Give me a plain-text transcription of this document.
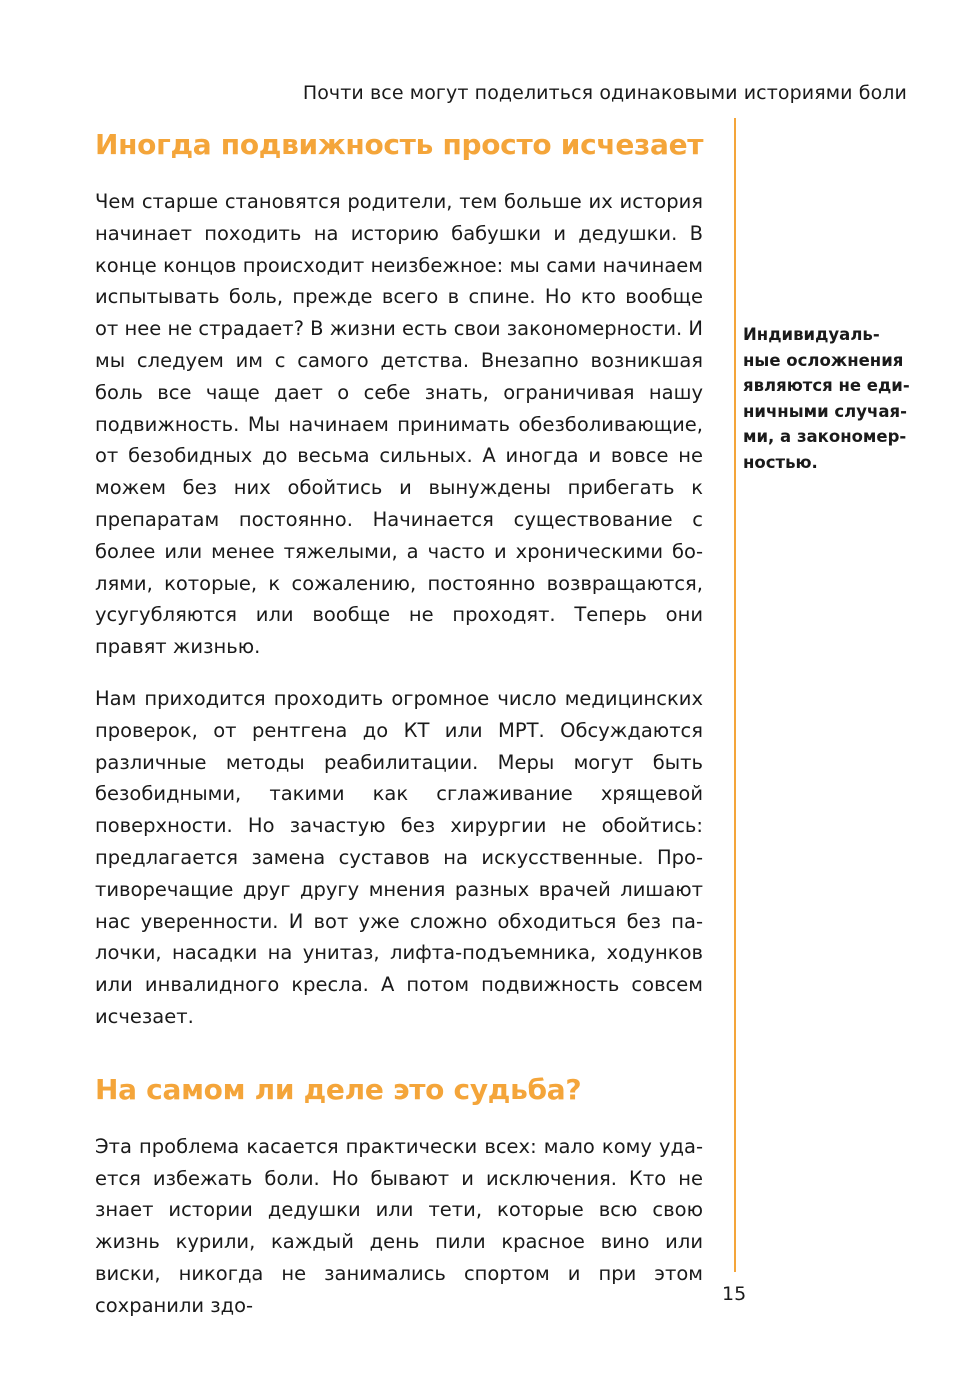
Почти все могут поделиться одинаковыми историями боли
Иногда подвижность просто исчезает

Чем старше становятся родители, тем больше их история начинает походить на историю бабушки и дедушки. В конце концов происходит неизбежное: мы сами начинаем испытывать боль, прежде всего в спине. Но кто вообще от нее не страдает? В жизни есть свои закономерности. И мы следуем им с самого детства. Внезапно возникшая боль все чаще дает о себе знать, ограничивая нашу подвижность. Мы начинаем принимать обезболивающие, от безобидных до весьма сильных. А иногда и вовсе не можем без них обойтись и вынуждены прибегать к препаратам постоянно. Начинается существование с более или менее тяжелыми, а часто и хроническими болями, которые, к сожалению, постоянно возвращаются, усугубляются или вообще не проходят. Теперь они правят жизнью.

Нам приходится проходить огромное число медицинских проверок, от рентгена до КТ или МРТ. Обсуждаются различные методы реабилитации. Меры могут быть безобидными, такими как сглаживание хрящевой поверхности. Но зачастую без хирургии не обойтись: предлагается замена суставов на искусственные. Противоречащие друг другу мнения разных врачей лишают нас уверенности. И вот уже сложно обходиться без палочки, насадки на унитаз, лифта-подъемника, ходунков или инвалидного кресла. А потом подвижность совсем исчезает.

На самом ли деле это судьба?

Эта проблема касается практически всех: мало кому удается избежать боли. Но бывают и исключения. Кто не знает истории дедушки или тети, которые всю свою жизнь курили, каждый день пили красное вино или виски, никогда не занимались спортом и при этом сохранили здо-

Индивидуаль-
ные осложнения
являются не еди-
ничными случая-
ми, а закономер-
ностью.
15
